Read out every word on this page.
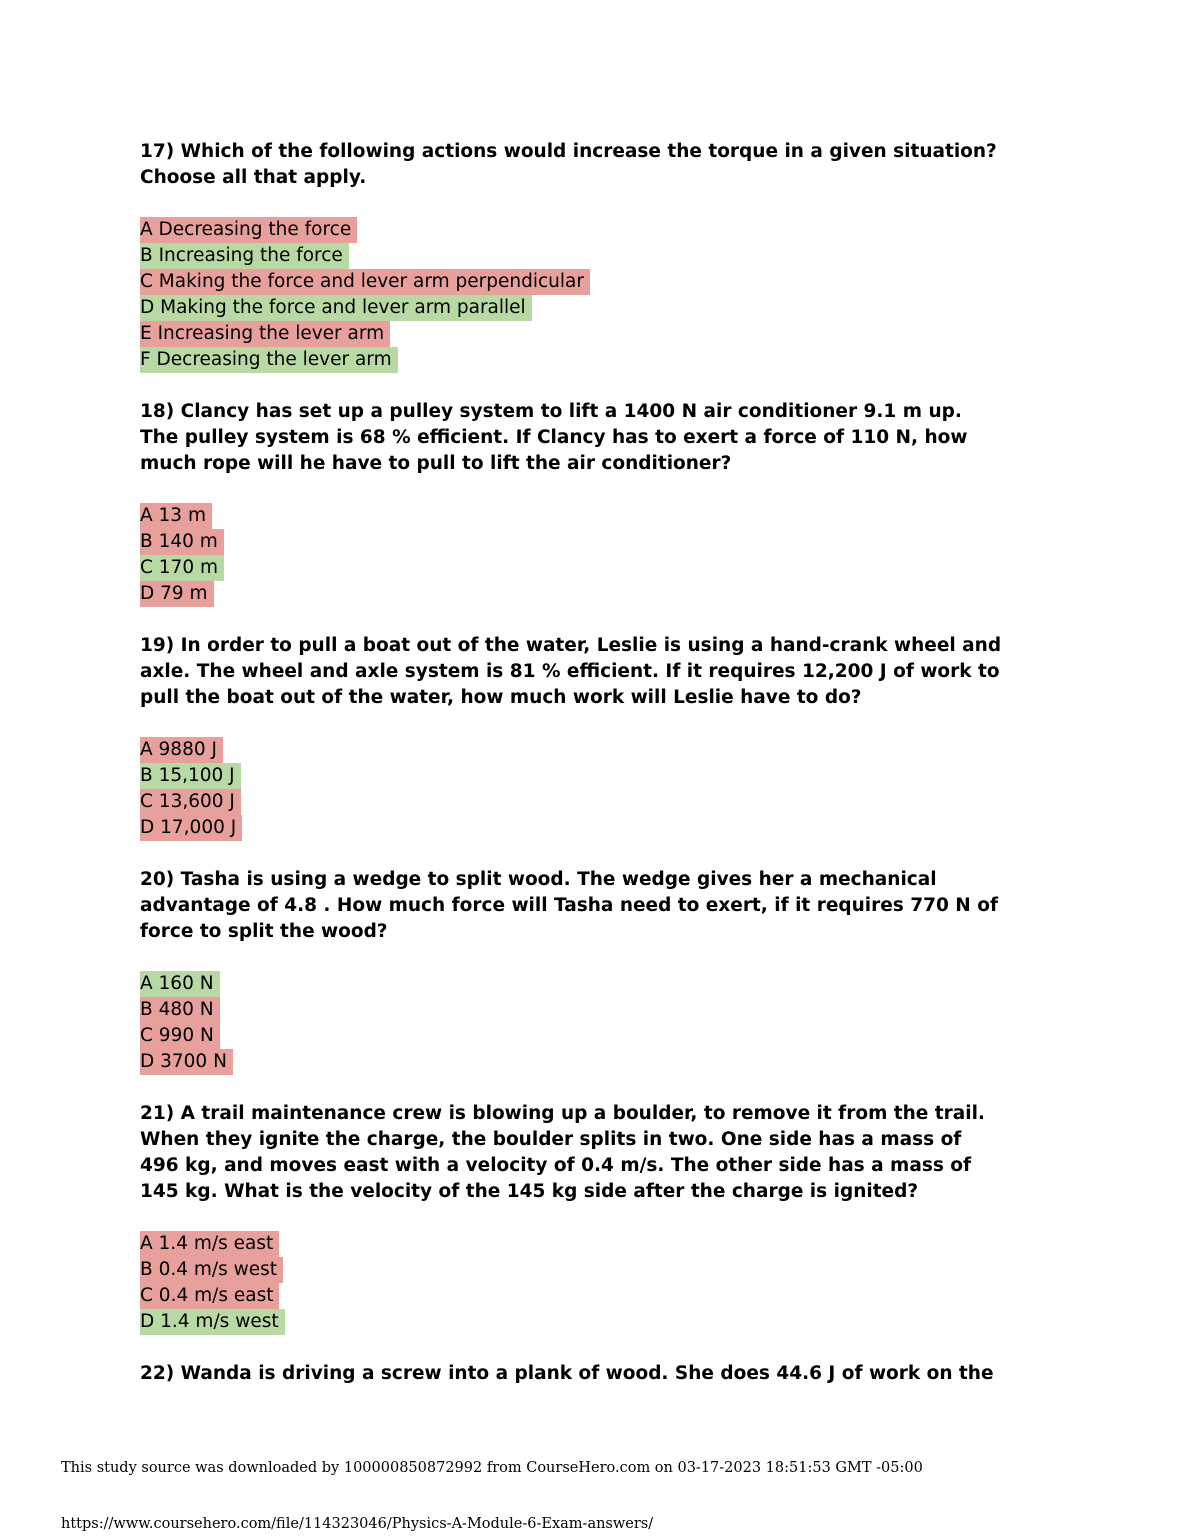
17) Which of the following actions would increase the torque in a given situation?
Choose all that apply.

A Decreasing the force
B Increasing the force
C Making the force and lever arm perpendicular
D Making the force and lever arm parallel
E Increasing the lever arm
F Decreasing the lever arm

18) Clancy has set up a pulley system to lift a 1400 N air conditioner 9.1 m up.
The pulley system is 68 % efficient. If Clancy has to exert a force of 110 N, how
much rope will he have to pull to lift the air conditioner?

A 13 m
B 140 m
C 170 m
D 79 m

19) In order to pull a boat out of the water, Leslie is using a hand-crank wheel and
axle. The wheel and axle system is 81 % efficient. If it requires 12,200 J of work to
pull the boat out of the water, how much work will Leslie have to do?

A 9880 J
B 15,100 J
C 13,600 J
D 17,000 J

20) Tasha is using a wedge to split wood. The wedge gives her a mechanical
advantage of 4.8 . How much force will Tasha need to exert, if it requires 770 N of
force to split the wood?

A 160 N
B 480 N
C 990 N
D 3700 N

21) A trail maintenance crew is blowing up a boulder, to remove it from the trail.
When they ignite the charge, the boulder splits in two. One side has a mass of
496 kg, and moves east with a velocity of 0.4 m/s. The other side has a mass of
145 kg. What is the velocity of the 145 kg side after the charge is ignited?

A 1.4 m/s east
B 0.4 m/s west
C 0.4 m/s east
D 1.4 m/s west

22) Wanda is driving a screw into a plank of wood. She does 44.6 J of work on the

This study source was downloaded by 100000850872992 from CourseHero.com on 03-17-2023 18:51:53 GMT -05:00
https://www.coursehero.com/file/114323046/Physics-A-Module-6-Exam-answers/
